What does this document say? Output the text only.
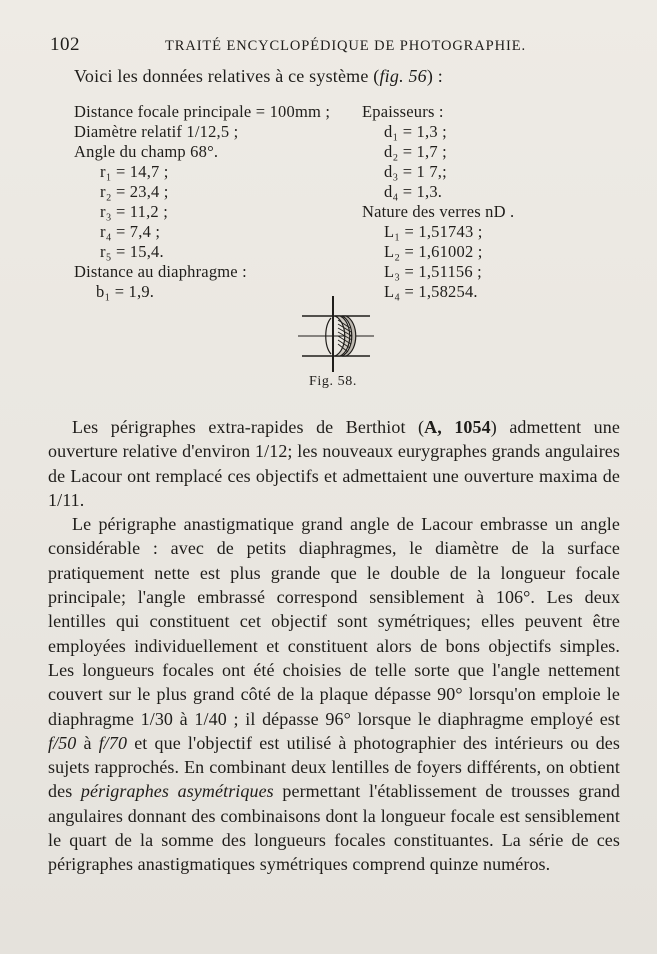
102	TRAITÉ ENCYCLOPÉDIQUE DE PHOTOGRAPHIE.
Voici les données relatives à ce système (fig. 56) :
Distance focale principale = 100mm ;
Diamètre relatif 1/12,5 ;
Angle du champ 68°.
r₁ = 14,7 ;
r₂ = 23,4 ;
r₃ = 11,2 ;
r₄ = 7,4 ;
r₅ = 15,4.
Distance au diaphragme :
b₁ = 1,9.
Epaisseurs :
d₁ = 1,3 ;
d₂ = 1,7 ;
d₃ = 1 7,;
d₄ = 1,3.
Nature des verres nD .
L₁ = 1,51743 ;
L₂ = 1,61002 ;
L₃ = 1,51156 ;
L₄ = 1,58254.
Fig. 58.

Les périgraphes extra-rapides de Berthiot (A, 1054) admettent une ouverture relative d'environ 1/12; les nouveaux eurygraphes grands angulaires de Lacour ont remplacé ces objectifs et admettaient une ouverture maxima de 1/11.

Le périgraphe anastigmatique grand angle de Lacour embrasse un angle considérable : avec de petits diaphragmes, le diamètre de la surface pratiquement nette est plus grande que le double de la longueur focale principale; l'angle embrassé correspond sensiblement à 106°. Les deux lentilles qui constituent cet objectif sont symétriques; elles peuvent être employées individuellement et constituent alors de bons objectifs simples. Les longueurs focales ont été choisies de telle sorte que l'angle nettement couvert sur le plus grand côté de la plaque dépasse 90° lorsqu'on emploie le diaphragme 1/30 à 1/40 ; il dépasse 96° lorsque le diaphragme employé est f/50 à f/70 et que l'objectif est utilisé à photographier des intérieurs ou des sujets rapprochés. En combinant deux lentilles de foyers différents, on obtient des périgraphes asymétriques permettant l'établissement de trousses grand angulaires donnant des combinaisons dont la longueur focale est sensiblement le quart de la somme des longueurs focales constituantes. La série de ces périgraphes anastigmatiques symétriques comprend quinze numéros.
